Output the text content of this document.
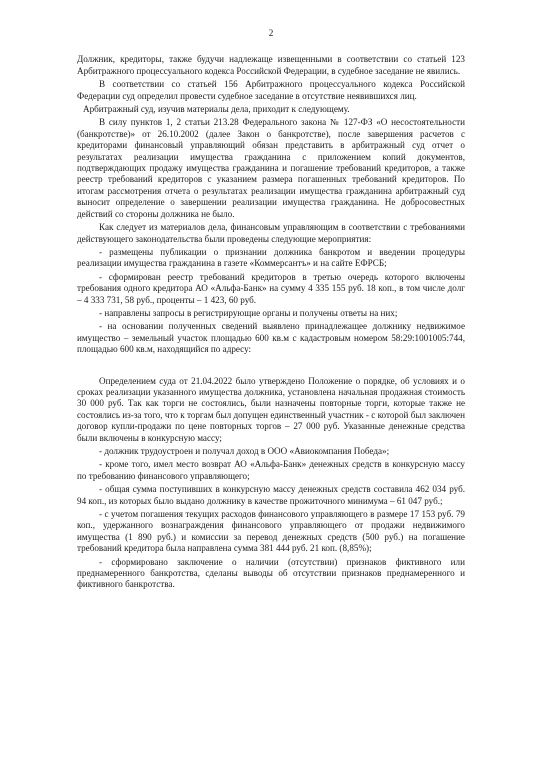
2

Должник, кредиторы, также будучи надлежаще извещенными в соответствии со статьей 123 Арбитражного процессуального кодекса Российской Федерации, в судебное заседание не явились.

В соответствии со статьей 156 Арбитражного процессуального кодекса Российской Федерации суд определил провести судебное заседание в отсутствие неявившихся лиц.

Арбитражный суд, изучив материалы дела, приходит к следующему.

В силу пунктов 1, 2 статьи 213.28 Федерального закона № 127-ФЗ «О несостоятельности (банкротстве)» от 26.10.2002 (далее Закон о банкротстве), после завершения расчетов с кредиторами финансовый управляющий обязан представить в арбитражный суд отчет о результатах реализации имущества гражданина с приложением копий документов, подтверждающих продажу имущества гражданина и погашение требований кредиторов, а также реестр требований кредиторов с указанием размера погашенных требований кредиторов. По итогам рассмотрения отчета о результатах реализации имущества гражданина арбитражный суд выносит определение о завершении реализации имущества гражданина. Не добросовестных действий со стороны должника не было.

Как следует из материалов дела, финансовым управляющим в соответствии с требованиями действующего законодательства были проведены следующие мероприятия:

- размещены публикации о признании должника банкротом и введении процедуры реализации имущества гражданина в газете «Коммерсантъ» и на сайте ЕФРСБ;

- сформирован реестр требований кредиторов в третью очередь которого включены требования одного кредитора АО «Альфа-Банк» на сумму 4 335 155 руб. 18 коп., в том числе долг – 4 333 731, 58 руб., проценты – 1 423, 60 руб.

- направлены запросы в регистрирующие органы и получены ответы на них;

- на основании полученных сведений выявлено принадлежащее должнику недвижимое имущество – земельный участок площадью 600 кв.м с кадастровым номером 58:29:1001005:744, площадью 600 кв.м, находящийся по адресу:

Определением суда от 21.04.2022 было утверждено Положение о порядке, об условиях и о сроках реализации указанного имущества должника, установлена начальная продажная стоимость 30 000 руб. Так как торги не состоялись, были назначены повторные торги, которые также не состоялись из-за того, что к торгам был допущен единственный участник - с которой был заключен договор купли-продажи по цене повторных торгов – 27 000 руб. Указанные денежные средства были включены в конкурсную массу;

- должник трудоустроен и получал доход в ООО «Авиокомпания Победа»;

- кроме того, имел место возврат АО «Альфа-Банк» денежных средств в конкурсную массу по требованию финансового управляющего;

- общая сумма поступивших в конкурсную массу денежных средств составила 462 034 руб. 94 коп., из которых было выдано должнику в качестве прожиточного минимума – 61 047 руб.;

- с учетом погашения текущих расходов финансового управляющего в размере 17 153 руб. 79 коп., удержанного вознаграждения финансового управляющего от продажи недвижимого имущества (1 890 руб.) и комиссии за перевод денежных средств (500 руб.) на погашение требований кредитора была направлена сумма 381 444 руб. 21 коп. (8,85%);

- сформировано заключение о наличии (отсутствии) признаков фиктивного или преднамеренного банкротства, сделаны выводы об отсутствии признаков преднамеренного и фиктивного банкротства.
